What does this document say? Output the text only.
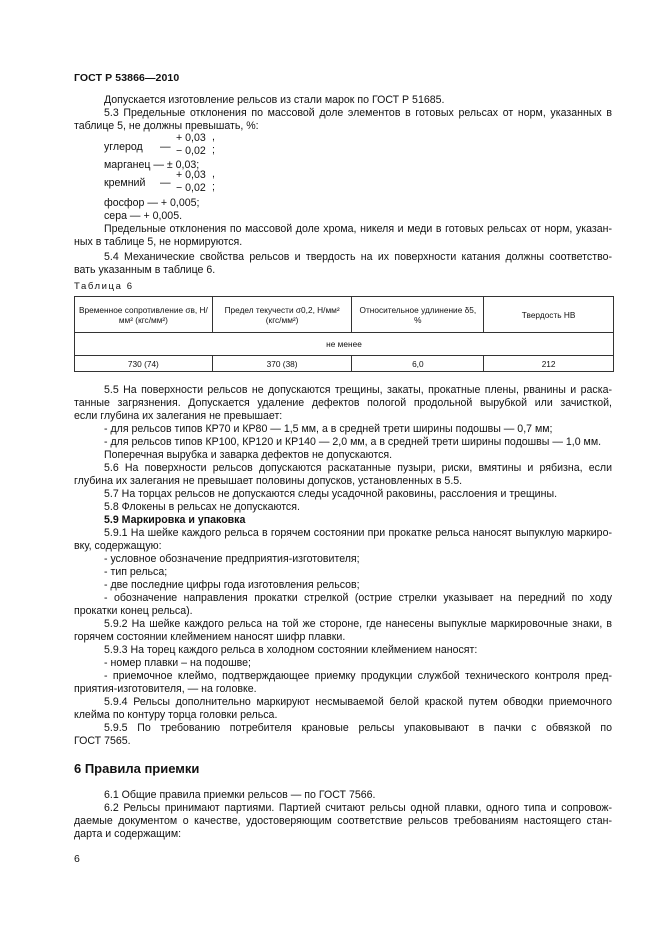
ГОСТ Р 53866—2010
Допускается изготовление рельсов из стали марок по ГОСТ Р 51685.
5.3 Предельные отклонения по массовой доле элементов в готовых рельсах от норм, указанных в
таблице 5, не должны превышать, %:
углерод	—
+ 0,03 ,
− 0,02 ;
марганец — ± 0,03;
кремний	—
+ 0,03 ,
− 0,02 ;
фосфор — + 0,005;
сера — + 0,005.
Предельные отклонения по массовой доле хрома, никеля и меди в готовых рельсах от норм, указан-
ных в таблице 5, не нормируются.
5.4 Механические свойства рельсов и твердость на их поверхности катания должны соответство-
вать указанным в таблице 6.
Таблица 6
Временное сопротивление σв, Н/мм² (кгс/мм²)	Предел текучести σ0,2, Н/мм² (кгс/мм²)	Относительное удлинение δ5, %	Твердость НВ
не менее			
730 (74)	370 (38)	6,0	212
5.5 На поверхности рельсов не допускаются трещины, закаты, прокатные плены, рванины и раска-
танные загрязнения. Допускается удаление дефектов пологой продольной вырубкой или зачисткой,
если глубина их залегания не превышает:
- для рельсов типов КР70 и КР80 — 1,5 мм, а в средней трети ширины подошвы — 0,7 мм;
- для рельсов типов КР100, КР120 и КР140 — 2,0 мм, а в средней трети ширины подошвы — 1,0 мм.
Поперечная вырубка и заварка дефектов не допускаются.
5.6 На поверхности рельсов допускаются раскатанные пузыри, риски, вмятины и рябизна, если
глубина их залегания не превышает половины допусков, установленных в 5.5.
5.7 На торцах рельсов не допускаются следы усадочной раковины, расслоения и трещины.
5.8 Флокены в рельсах не допускаются.
5.9 Маркировка и упаковка
5.9.1 На шейке каждого рельса в горячем состоянии при прокатке рельса наносят выпуклую маркиро-
вку, содержащую:
- условное обозначение предприятия-изготовителя;
- тип рельса;
- две последние цифры года изготовления рельсов;
- обозначение направления прокатки стрелкой (острие стрелки указывает на передний по ходу
прокатки конец рельса).
5.9.2 На шейке каждого рельса на той же стороне, где нанесены выпуклые маркировочные знаки, в
горячем состоянии клеймением наносят шифр плавки.
5.9.3 На торец каждого рельса в холодном состоянии клеймением наносят:
- номер плавки – на подошве;
- приемочное клеймо, подтверждающее приемку продукции службой технического контроля пред-
приятия-изготовителя, — на головке.
5.9.4 Рельсы дополнительно маркируют несмываемой белой краской путем обводки приемочного
клейма по контуру торца головки рельса.
5.9.5 По требованию потребителя крановые рельсы упаковывают в пачки с обвязкой по
ГОСТ 7565.
6 Правила приемки
6.1 Общие правила приемки рельсов — по ГОСТ 7566.
6.2 Рельсы принимают партиями. Партией считают рельсы одной плавки, одного типа и сопровож-
даемые документом о качестве, удостоверяющим соответствие рельсов требованиям настоящего стан-
дарта и содержащим:
6
